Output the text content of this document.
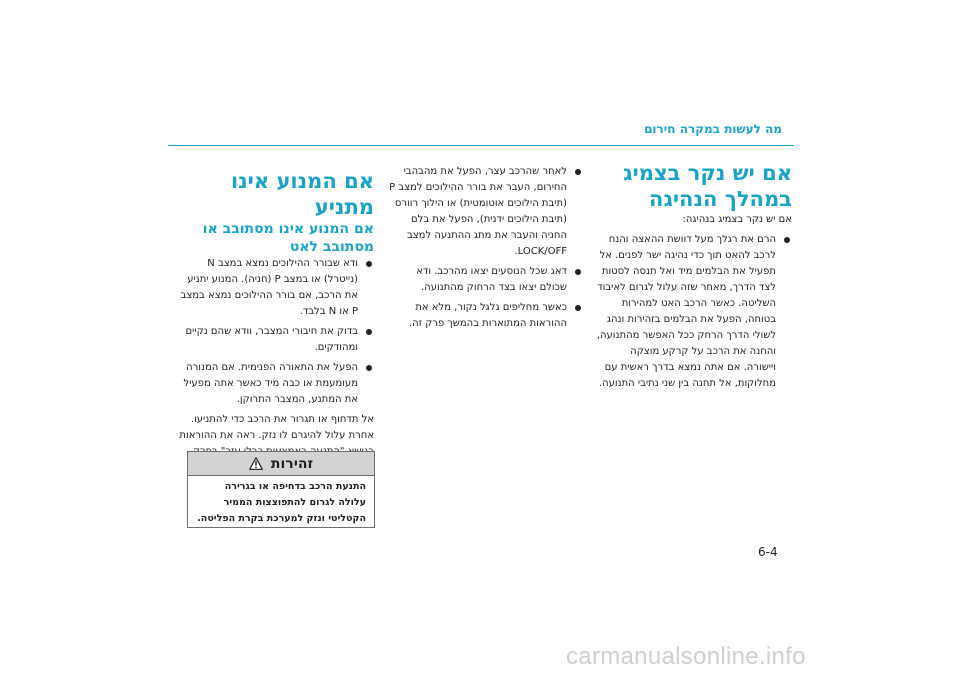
מה לעשות במקרה חירום

אם יש נקר בצמיג במהלך הנהיגה

אם יש נקר בצמיג בנהיגה:

הרם את רגלך מעל דוושת ההאצה והנח לרכב להאט תוך כדי נהיגה ישר לפנים. אל תפעיל את הבלמים מיד ואל תנסה לסטות לצד הדרך, מאחר שזה עלול לגרום לאיבוד השליטה. כאשר הרכב האט למהירות בטוחה, הפעל את הבלמים בזהירות ונהג לשולי הדרך הרחק ככל האפשר מהתנועה, והחנה את הרכב על קרקע מוצקה ויישורה. אם אתה נמצא בדרך ראשית עם מחלוקות, אל תחנה בין שני נתיבי התנועה.
לאחר שהרכב עצר, הפעל את מהבהבי החירום, העבר את בורר ההילוכים למצב P (תיבת הילוכים אוטומטית) או הילוך רוורס (תיבת הילוכים ידנית), הפעל את בלם החניה והעבר את מתג ההתנעה למצב LOCK/OFF.
דאג שכל הנוסעים יצאו מהרכב. ודא שכולם יצאו בצד הרחוק מהתנועה.
כאשר מחליפים גלגל נקור, מלא את ההוראות המתוארות בהמשך פרק זה.

אם המנוע אינו מתניע

אם המנוע אינו מסתובב או מסתובב לאט

ודא שבורר ההילוכים נמצא במצב N (נייטרל) או במצב P (חניה). המנוע יתניע את הרכב, אם בורר ההילוכים נמצא במצב P או N בלבד.
בדוק את חיבורי המצבר, וודא שהם נקיים ומהודקים.
הפעל את התאורה הפנימית. אם המנורה מעומעמת או כבה מיד כאשר אתה מפעיל את המתנע, המצבר התרוקן.

אל תדחוף או תגרור את הרכב כדי להתניעו. אחרת עלול להיגרם לו נזק. ראה את ההוראות

זהירות
התנעת הרכב בדחיפה או בגרירה עלולה לגרום להתפוצצות הממיר הקטליטי ונזק למערכת בקרת הפליטה.
6-4
carmanualsonline.info
